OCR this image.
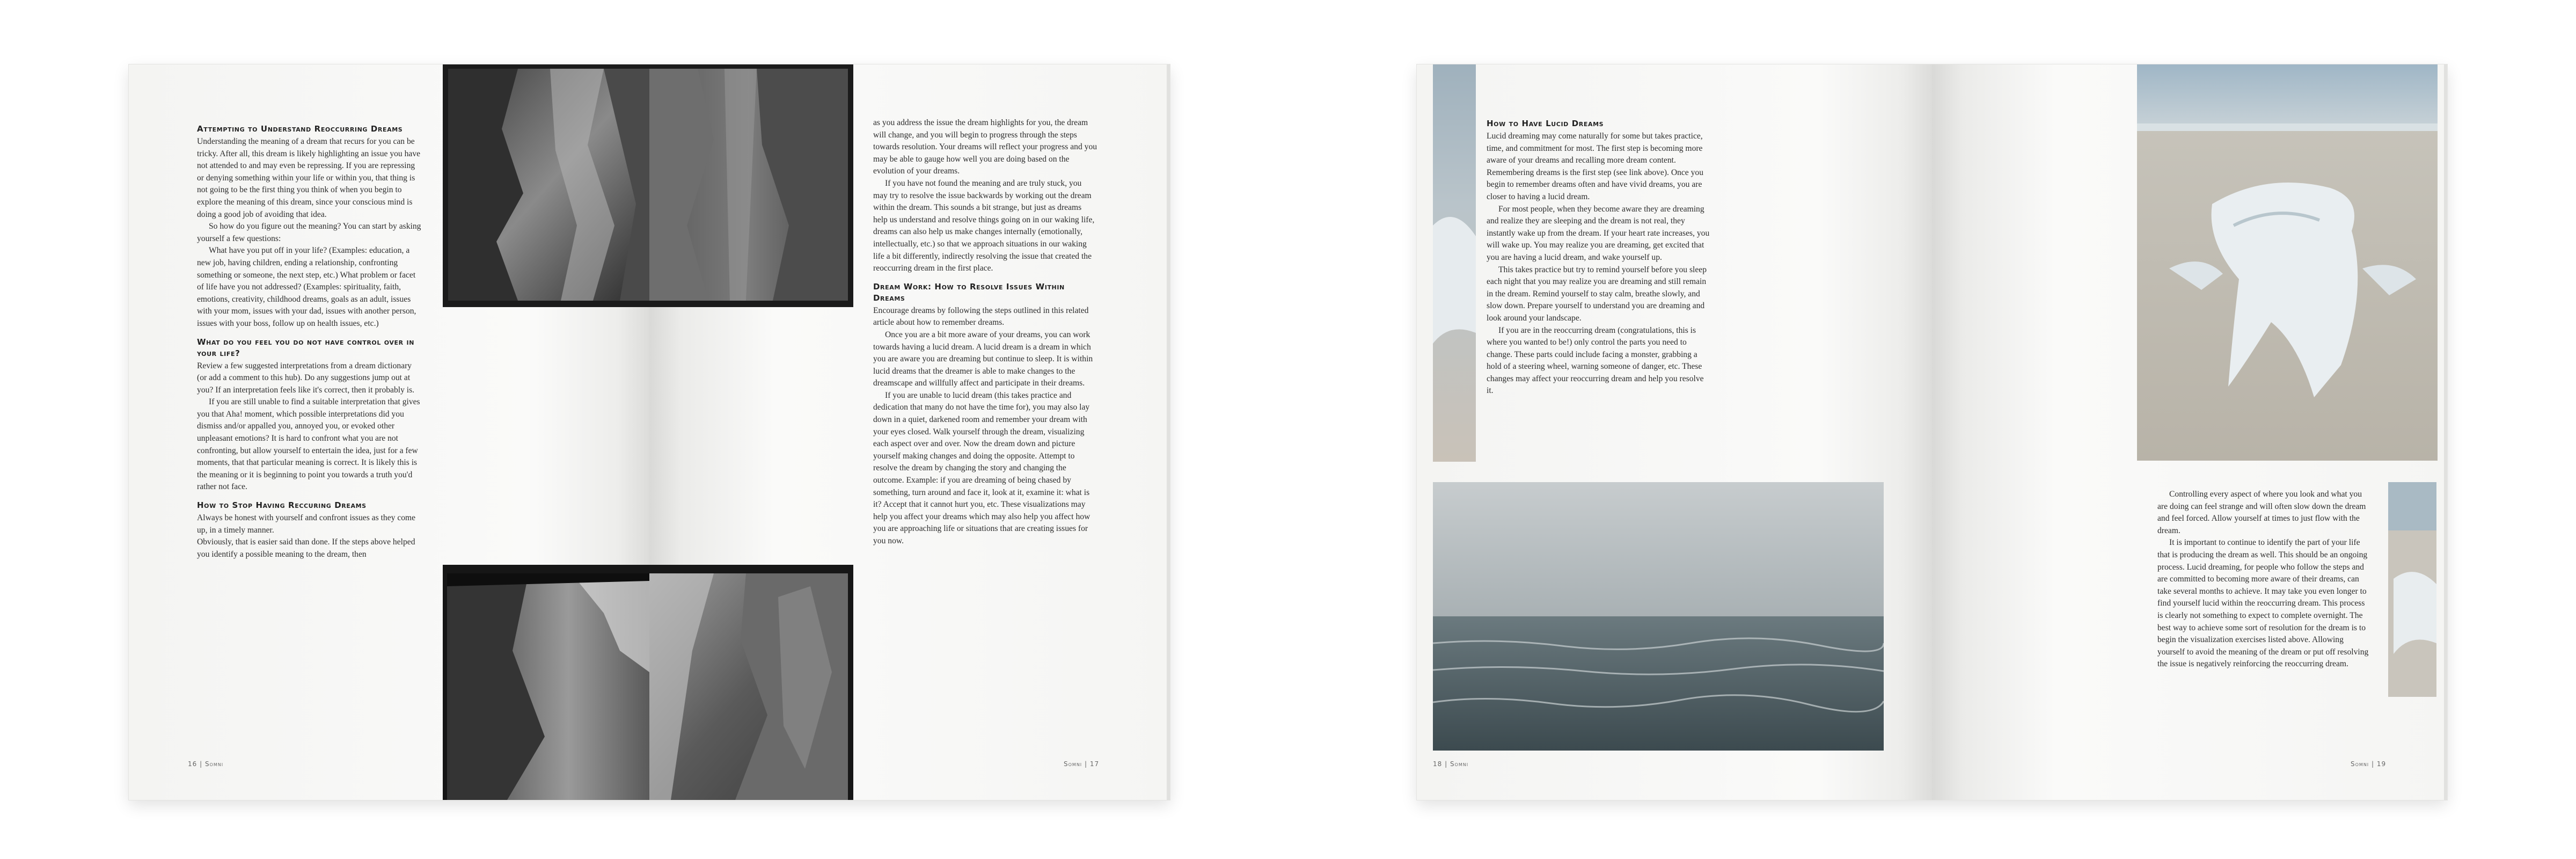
Attempting to Understand Reoccurring Dreams

Understanding the meaning of a dream that recurs for you can be tricky. After all, this dream is likely highlighting an issue you have not attended to and may even be repressing. If you are repressing or denying something within your life or within you, that thing is not going to be the first thing you think of when you begin to explore the meaning of this dream, since your conscious mind is doing a good job of avoiding that idea.

So how do you figure out the meaning? You can start by asking yourself a few questions:

What have you put off in your life? (Examples: education, a new job, having children, ending a relationship, confronting something or someone, the next step, etc.) What problem or facet of life have you not addressed? (Examples: spirituality, faith, emotions, creativity, childhood dreams, goals as an adult, issues with your mom, issues with your dad, issues with another person, issues with your boss, follow up on health issues, etc.)

What do you feel you do not have control over in your life?

Review a few suggested interpretations from a dream dictionary (or add a comment to this hub). Do any suggestions jump out at you? If an interpretation feels like it's correct, then it probably is.

If you are still unable to find a suitable interpretation that gives you that Aha! moment, which possible interpretations did you dismiss and/or appalled you, annoyed you, or evoked other unpleasant emotions? It is hard to confront what you are not confronting, but allow yourself to entertain the idea, just for a few moments, that that particular meaning is correct. It is likely this is the meaning or it is beginning to point you towards a truth you'd rather not face.

How to Stop Having Reccuring Dreams

Always be honest with yourself and confront issues as they come up, in a timely manner.

Obviously, that is easier said than done. If the steps above helped you identify a possible meaning to the dream, then

16 | Somni

as you address the issue the dream highlights for you, the dream will change, and you will begin to progress through the steps towards resolution. Your dreams will reflect your progress and you may be able to gauge how well you are doing based on the evolution of your dreams.

If you have not found the meaning and are truly stuck, you may try to resolve the issue backwards by working out the dream within the dream. This sounds a bit strange, but just as dreams help us understand and resolve things going on in our waking life, dreams can also help us make changes internally (emotionally, intellectually, etc.) so that we approach situations in our waking life a bit differently, indirectly resolving the issue that created the reoccurring dream in the first place.

Dream Work: How to Resolve Issues Within Dreams

Encourage dreams by following the steps outlined in this related article about how to remember dreams.

Once you are a bit more aware of your dreams, you can work towards having a lucid dream. A lucid dream is a dream in which you are aware you are dreaming but continue to sleep. It is within lucid dreams that the dreamer is able to make changes to the dreamscape and willfully affect and participate in their dreams.

If you are unable to lucid dream (this takes practice and dedication that many do not have the time for), you may also lay down in a quiet, darkened room and remember your dream with your eyes closed. Walk yourself through the dream, visualizing each aspect over and over. Now the dream down and picture yourself making changes and doing the opposite. Attempt to resolve the dream by changing the story and changing the outcome. Example: if you are dreaming of being chased by something, turn around and face it, look at it, examine it: what is it? Accept that it cannot hurt you, etc. These visualizations may help you affect your dreams which may also help you affect how you are approaching life or situations that are creating issues for you now.

Somni | 17
How to Have Lucid Dreams

Lucid dreaming may come naturally for some but takes practice, time, and commitment for most. The first step is becoming more aware of your dreams and recalling more dream content. Remembering dreams is the first step (see link above). Once you begin to remember dreams often and have vivid dreams, you are closer to having a lucid dream.

For most people, when they become aware they are dreaming and realize they are sleeping and the dream is not real, they instantly wake up from the dream. If your heart rate increases, you will wake up. You may realize you are dreaming, get excited that you are having a lucid dream, and wake yourself up.

This takes practice but try to remind yourself before you sleep each night that you may realize you are dreaming and still remain in the dream. Remind yourself to stay calm, breathe slowly, and slow down. Prepare yourself to understand you are dreaming and look around your landscape.

If you are in the reoccurring dream (congratulations, this is where you wanted to be!) only control the parts you need to change. These parts could include facing a monster, grabbing a hold of a steering wheel, warning someone of danger, etc. These changes may affect your reoccurring dream and help you resolve it.

18 | Somni

Controlling every aspect of where you look and what you are doing can feel strange and will often slow down the dream and feel forced. Allow yourself at times to just flow with the dream.

It is important to continue to identify the part of your life that is producing the dream as well. This should be an ongoing process. Lucid dreaming, for people who follow the steps and are committed to becoming more aware of their dreams, can take several months to achieve. It may take you even longer to find yourself lucid within the reoccurring dream. This process is clearly not something to expect to complete overnight. The best way to achieve some sort of resolution for the dream is to begin the visualization exercises listed above. Allowing yourself to avoid the meaning of the dream or put off resolving the issue is negatively reinforcing the reoccurring dream.

Somni | 19
